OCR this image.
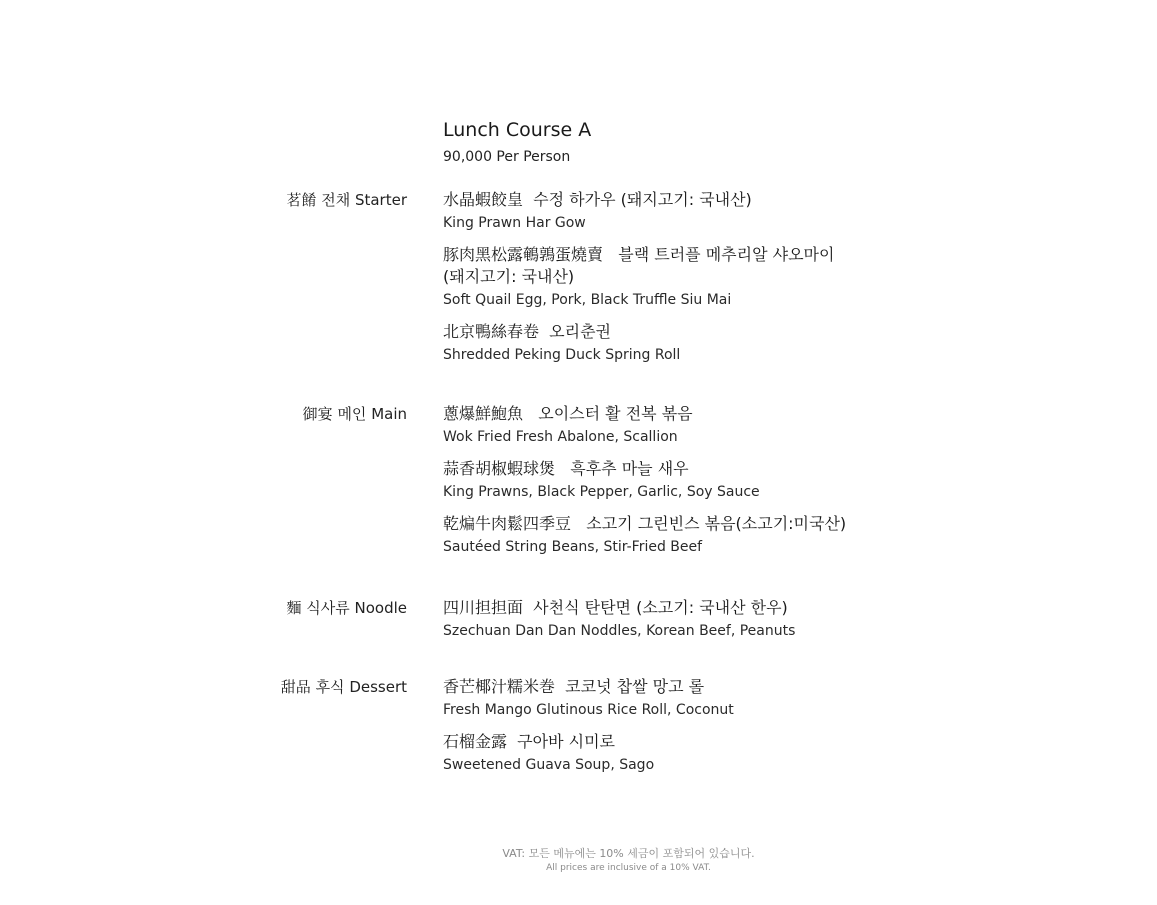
Lunch Course A
90,000 Per Person
茗餚 전채 Starter 水晶蝦餃皇  수정 하가우 (돼지고기: 국내산)
King Prawn Har Gow
豚肉黑松露鵪鶉蛋燒賣   블랙 트러플 메추리알 샤오마이
(돼지고기: 국내산)
Soft Quail Egg, Pork, Black Truffle Siu Mai
北京鴨絲春卷  오리춘권
Shredded Peking Duck Spring Roll
御宴 메인 Main 蔥爆鮮鮑魚   오이스터 활 전복 볶음
Wok Fried Fresh Abalone, Scallion
蒜香胡椒蝦球煲   흑후추 마늘 새우
King Prawns, Black Pepper, Garlic, Soy Sauce
乾煸牛肉鬆四季豆   소고기 그린빈스 볶음(소고기:미국산)
Sautéed String Beans, Stir-Fried Beef
麵 식사류 Noodle 四川担担面  사천식 탄탄면 (소고기: 국내산 한우)
Szechuan Dan Dan Noddles, Korean Beef, Peanuts
甜品 후식 Dessert 香芒椰汁糯米巻  코코넛 찹쌀 망고 롤
Fresh Mango Glutinous Rice Roll, Coconut
石榴金露  구아바 시미로
Sweetened Guava Soup, Sago
VAT: 모든 메뉴에는 10% 세금이 포함되어 있습니다.
All prices are inclusive of a 10% VAT.
